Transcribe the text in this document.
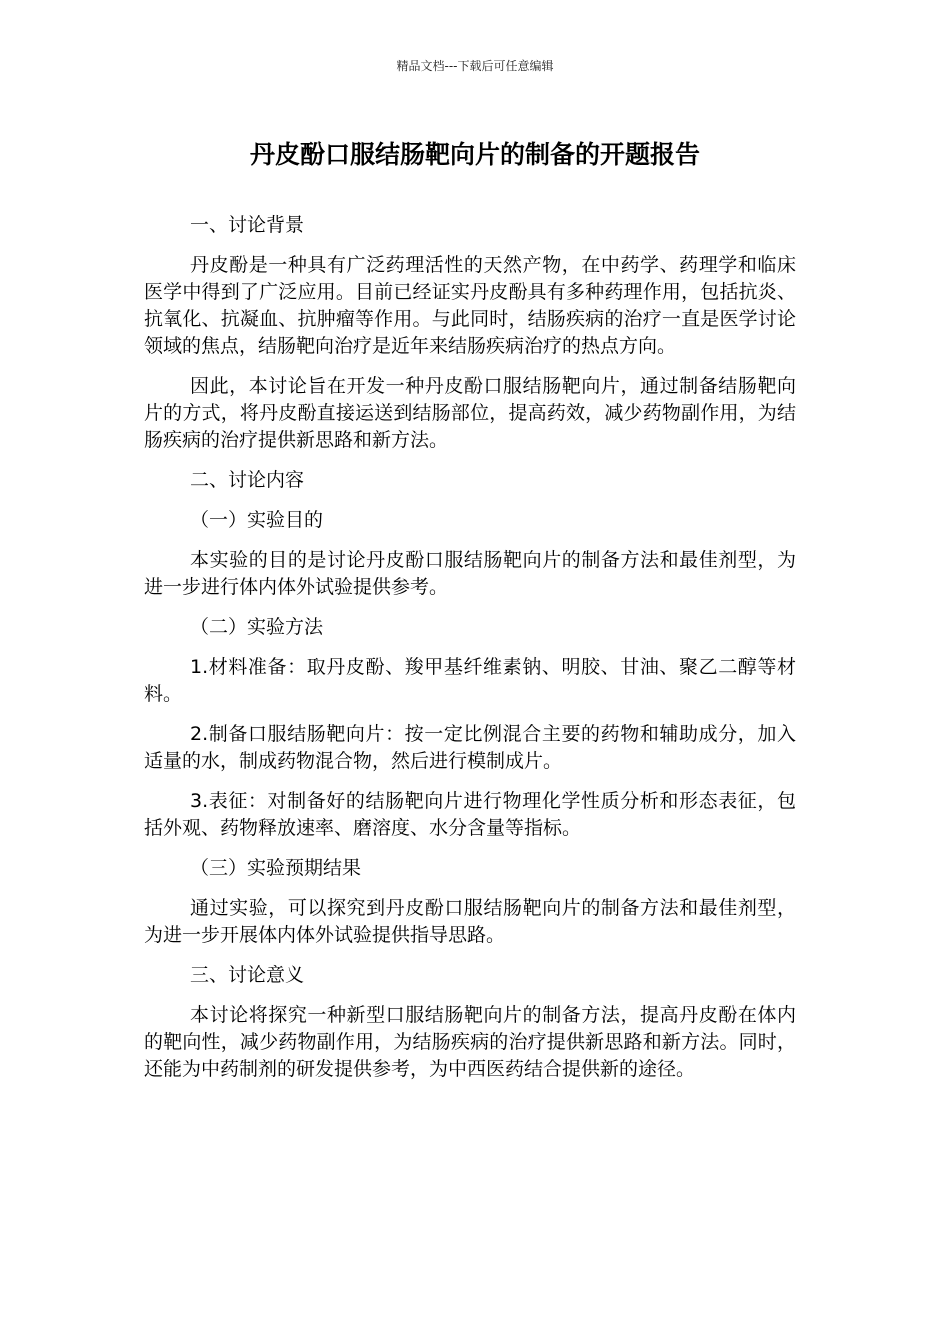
精品文档---下载后可任意编辑
丹皮酚口服结肠靶向片的制备的开题报告

一、讨论背景

丹皮酚是一种具有广泛药理活性的天然产物，在中药学、药理学和临床医学中得到了广泛应用。目前已经证实丹皮酚具有多种药理作用，包括抗炎、抗氧化、抗凝血、抗肿瘤等作用。与此同时，结肠疾病的治疗一直是医学讨论领域的焦点，结肠靶向治疗是近年来结肠疾病治疗的热点方向。

因此，本讨论旨在开发一种丹皮酚口服结肠靶向片，通过制备结肠靶向片的方式，将丹皮酚直接运送到结肠部位，提高药效，减少药物副作用，为结肠疾病的治疗提供新思路和新方法。

二、讨论内容

（一）实验目的

本实验的目的是讨论丹皮酚口服结肠靶向片的制备方法和最佳剂型，为进一步进行体内体外试验提供参考。

（二）实验方法

1.材料准备：取丹皮酚、羧甲基纤维素钠、明胶、甘油、聚乙二醇等材料。

2.制备口服结肠靶向片：按一定比例混合主要的药物和辅助成分，加入适量的水，制成药物混合物，然后进行模制成片。

3.表征：对制备好的结肠靶向片进行物理化学性质分析和形态表征，包括外观、药物释放速率、磨溶度、水分含量等指标。

（三）实验预期结果

通过实验，可以探究到丹皮酚口服结肠靶向片的制备方法和最佳剂型，为进一步开展体内体外试验提供指导思路。

三、讨论意义

本讨论将探究一种新型口服结肠靶向片的制备方法，提高丹皮酚在体内的靶向性，减少药物副作用，为结肠疾病的治疗提供新思路和新方法。同时，还能为中药制剂的研发提供参考，为中西医药结合提供新的途径。
